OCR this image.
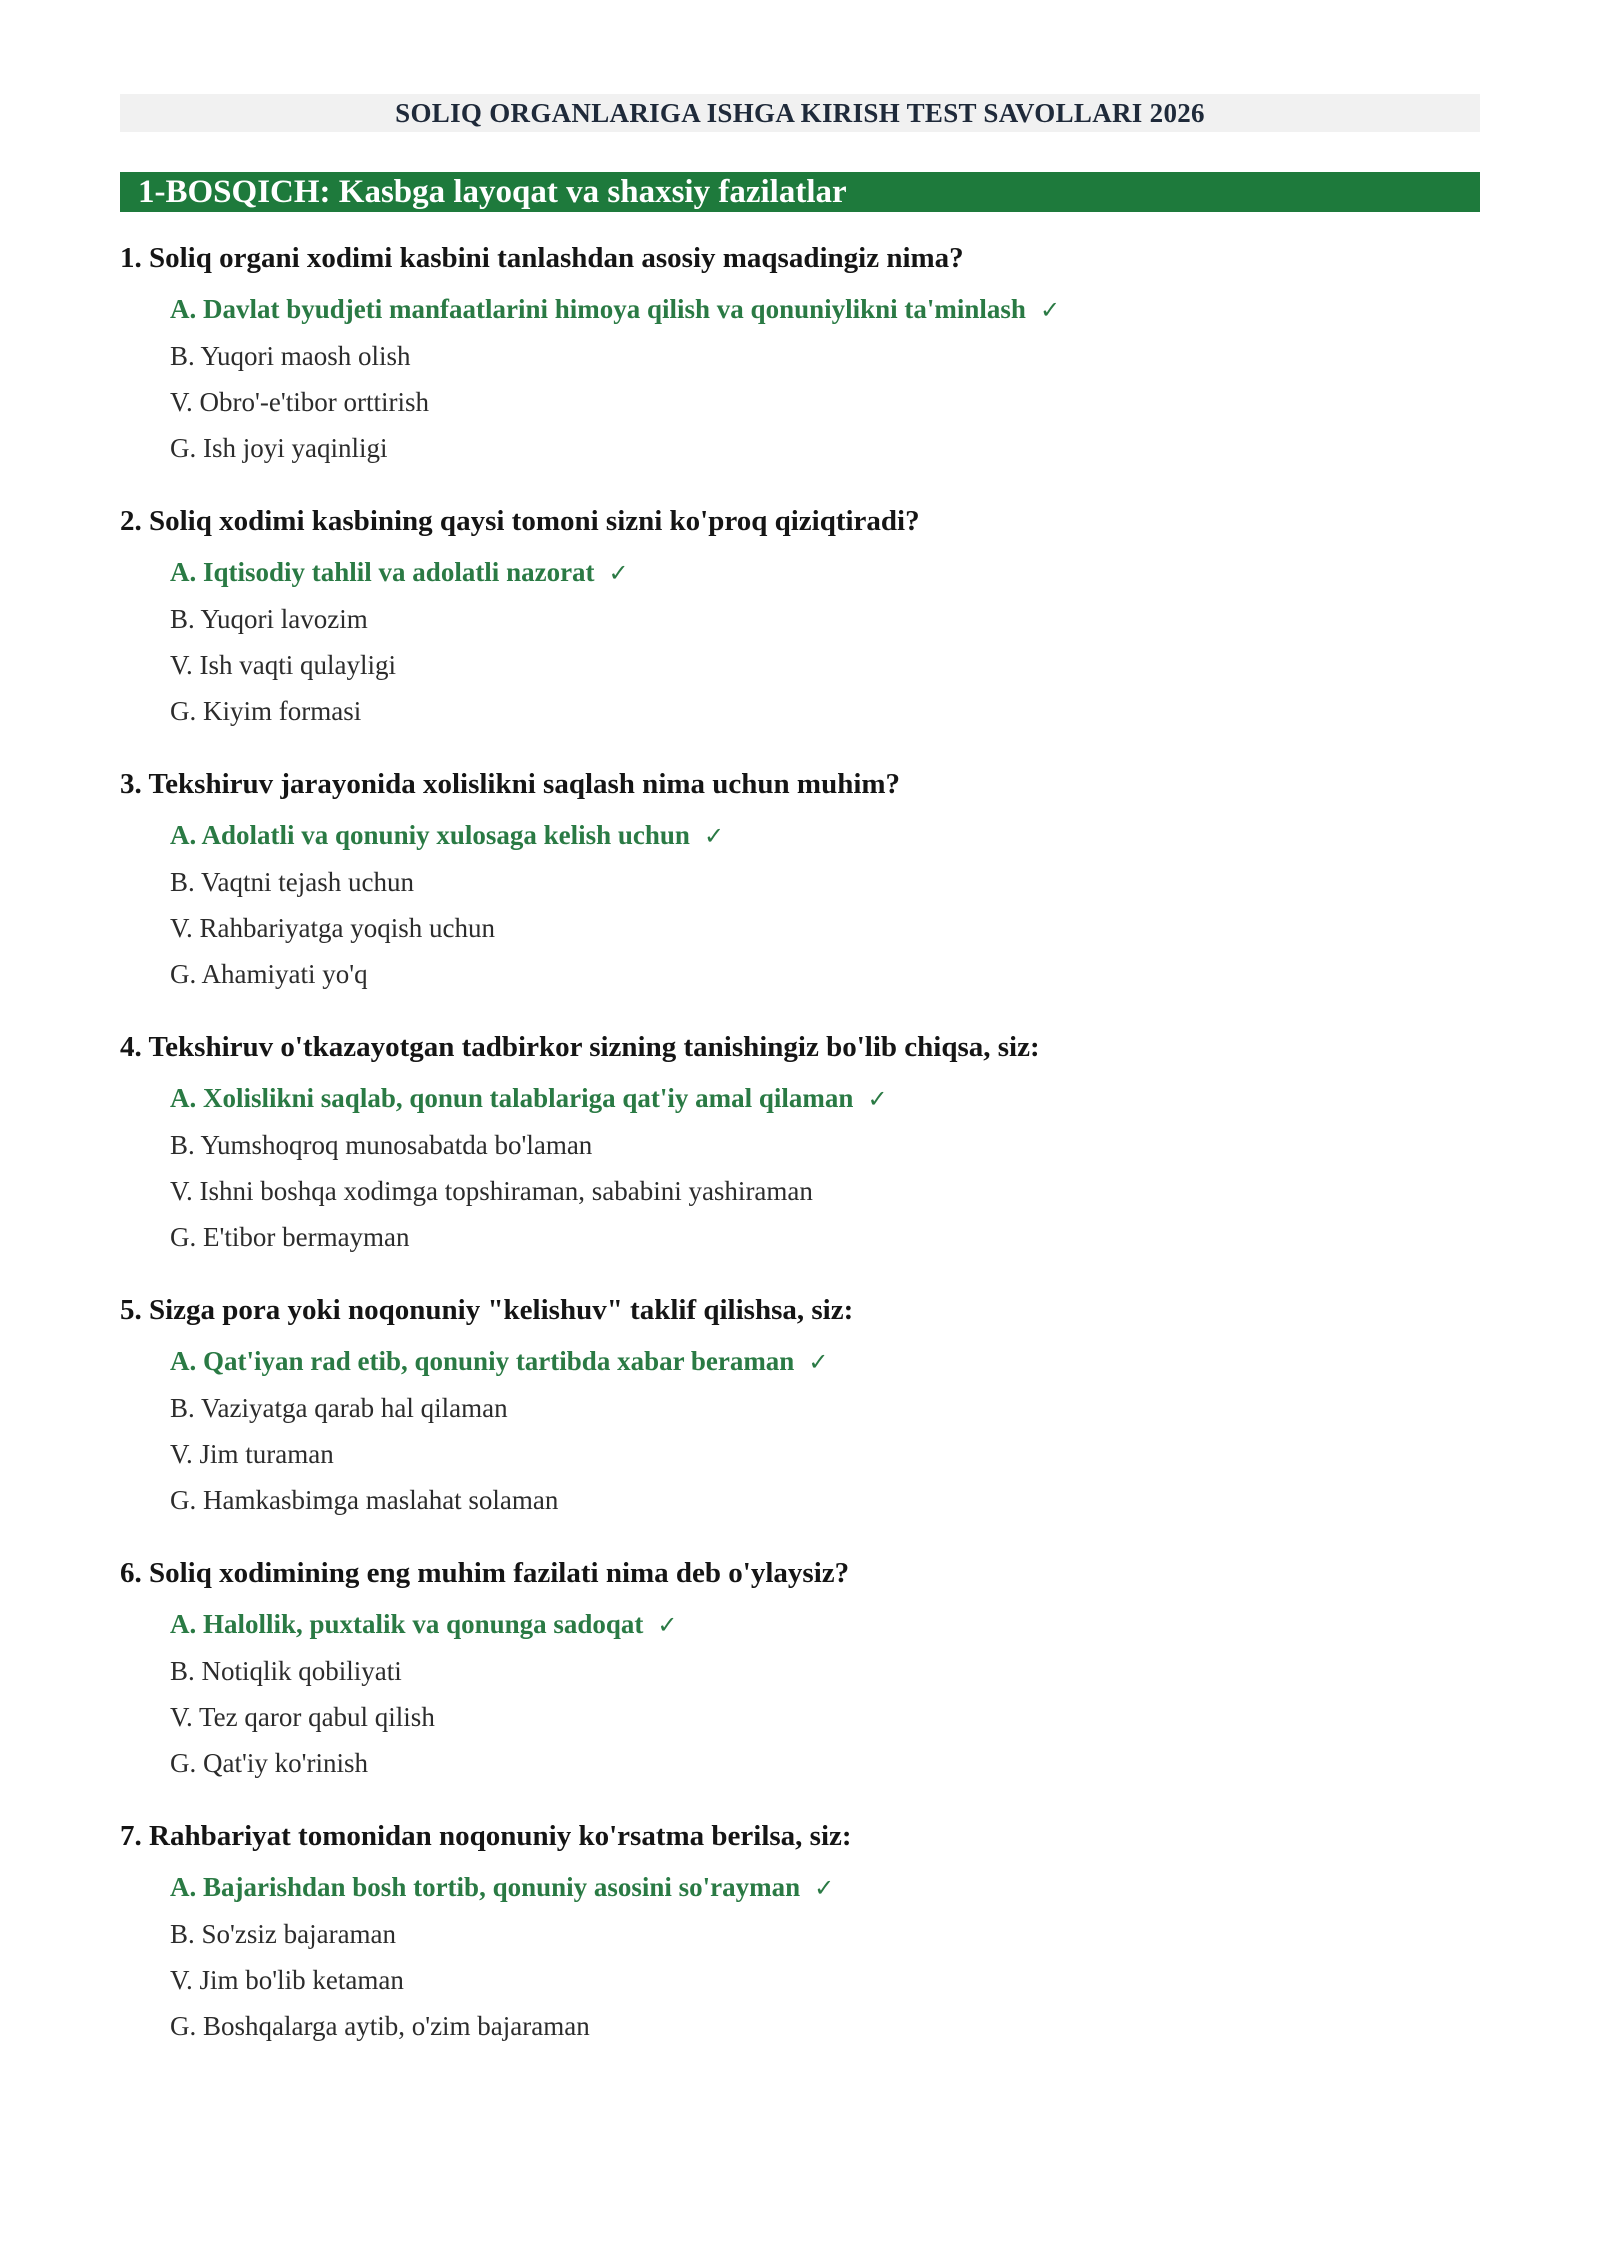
SOLIQ ORGANLARIGA ISHGA KIRISH TEST SAVOLLARI 2026
1-BOSQICH: Kasbga layoqat va shaxsiy fazilatlar
1. Soliq organi xodimi kasbini tanlashdan asosiy maqsadingiz nima?
A. Davlat byudjeti manfaatlarini himoya qilish va qonuniylikni ta'minlash ✓
B. Yuqori maosh olish
V. Obro'-e'tibor orttirish
G. Ish joyi yaqinligi
2. Soliq xodimi kasbining qaysi tomoni sizni ko'proq qiziqtiradi?
A. Iqtisodiy tahlil va adolatli nazorat ✓
B. Yuqori lavozim
V. Ish vaqti qulayligi
G. Kiyim formasi
3. Tekshiruv jarayonida xolislikni saqlash nima uchun muhim?
A. Adolatli va qonuniy xulosaga kelish uchun ✓
B. Vaqtni tejash uchun
V. Rahbariyatga yoqish uchun
G. Ahamiyati yo'q
4. Tekshiruv o'tkazayotgan tadbirkor sizning tanishingiz bo'lib chiqsa, siz:
A. Xolislikni saqlab, qonun talablariga qat'iy amal qilaman ✓
B. Yumshoqroq munosabatda bo'laman
V. Ishni boshqa xodimga topshiraman, sababini yashiraman
G. E'tibor bermayman
5. Sizga pora yoki noqonuniy "kelishuv" taklif qilishsa, siz:
A. Qat'iyan rad etib, qonuniy tartibda xabar beraman ✓
B. Vaziyatga qarab hal qilaman
V. Jim turaman
G. Hamkasbimga maslahat solaman
6. Soliq xodimining eng muhim fazilati nima deb o'ylaysiz?
A. Halollik, puxtalik va qonunga sadoqat ✓
B. Notiqlik qobiliyati
V. Tez qaror qabul qilish
G. Qat'iy ko'rinish
7. Rahbariyat tomonidan noqonuniy ko'rsatma berilsa, siz:
A. Bajarishdan bosh tortib, qonuniy asosini so'rayman ✓
B. So'zsiz bajaraman
V. Jim bo'lib ketaman
G. Boshqalarga aytib, o'zim bajaraman
